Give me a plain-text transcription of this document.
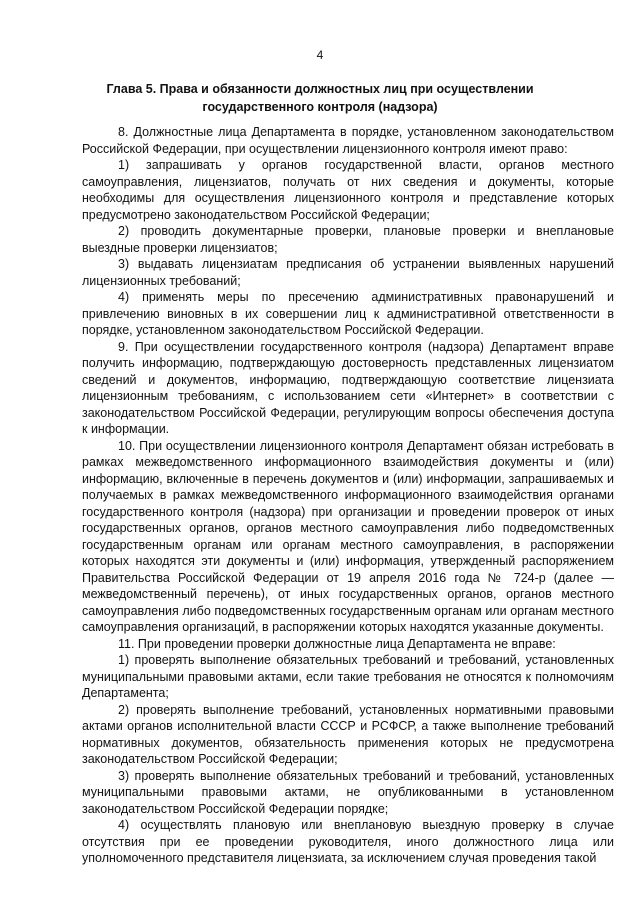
4
Глава 5. Права и обязанности должностных лиц при осуществлении государственного контроля (надзора)

8. Должностные лица Департамента в порядке, установленном законодательством Российской Федерации, при осуществлении лицензионного контроля имеют право:

1) запрашивать у органов государственной власти, органов местного самоуправления, лицензиатов, получать от них сведения и документы, которые необходимы для осуществления лицензионного контроля и представление которых предусмотрено законодательством Российской Федерации;

2) проводить документарные проверки, плановые проверки и внеплановые выездные проверки лицензиатов;

3) выдавать лицензиатам предписания об устранении выявленных нарушений лицензионных требований;

4) применять меры по пресечению административных правонарушений и привлечению виновных в их совершении лиц к административной ответственности в порядке, установленном законодательством Российской Федерации.

9. При осуществлении государственного контроля (надзора) Департамент вправе получить информацию, подтверждающую достоверность представленных лицензиатом сведений и документов, информацию, подтверждающую соответствие лицензиата лицензионным требованиям, с использованием сети «Интернет» в соответствии с законодательством Российской Федерации, регулирующим вопросы обеспечения доступа к информации.

10. При осуществлении лицензионного контроля Департамент обязан истребовать в рамках межведомственного информационного взаимодействия документы и (или) информацию, включенные в перечень документов и (или) информации, запрашиваемых и получаемых в рамках межведомственного информационного взаимодействия органами государственного контроля (надзора) при организации и проведении проверок от иных государственных органов, органов местного самоуправления либо подведомственных государственным органам или органам местного самоуправления, в распоряжении которых находятся эти документы и (или) информация, утвержденный распоряжением Правительства Российской Федерации от 19 апреля 2016 года № 724-р (далее — межведомственный перечень), от иных государственных органов, органов местного самоуправления либо подведомственных государственным органам или органам местного самоуправления организаций, в распоряжении которых находятся указанные документы.

11. При проведении проверки должностные лица Департамента не вправе:

1) проверять выполнение обязательных требований и требований, установленных муниципальными правовыми актами, если такие требования не относятся к полномочиям Департамента;

2) проверять выполнение требований, установленных нормативными правовыми актами органов исполнительной власти СССР и РСФСР, а также выполнение требований нормативных документов, обязательность применения которых не предусмотрена законодательством Российской Федерации;

3) проверять выполнение обязательных требований и требований, установленных муниципальными правовыми актами, не опубликованными в установленном законодательством Российской Федерации порядке;

4) осуществлять плановую или внеплановую выездную проверку в случае отсутствия при ее проведении руководителя, иного должностного лица или уполномоченного представителя лицензиата, за исключением случая проведения такой
